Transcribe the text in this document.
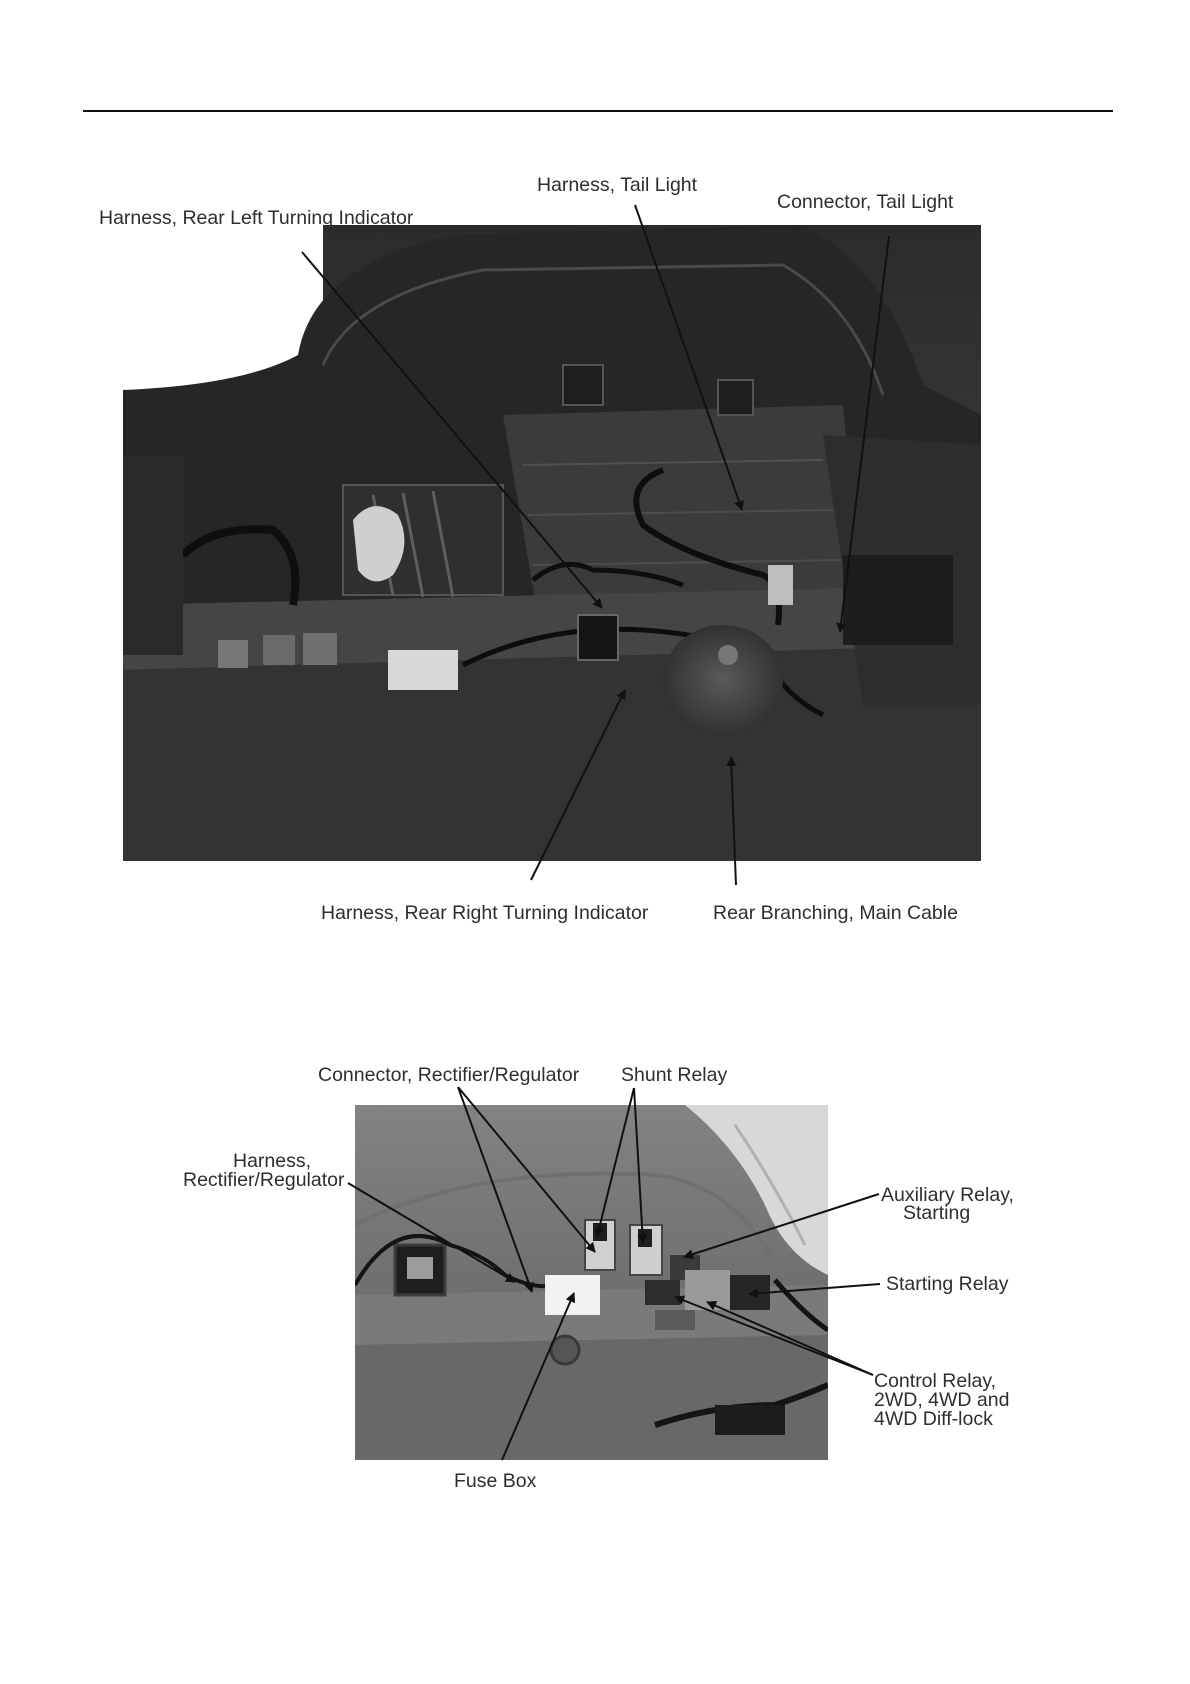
Harness, Rear Left Turning Indicator
Harness, Tail Light
Connector, Tail Light
Harness, Rear Right Turning Indicator	Rear Branching, Main Cable
Connector, Rectifier/Regulator Shunt Relay
Harness,
Rectifier/Regulator
Auxiliary Relay,
Starting
Starting Relay
Control Relay,
2WD, 4WD and
4WD Diff-lock
Fuse Box
